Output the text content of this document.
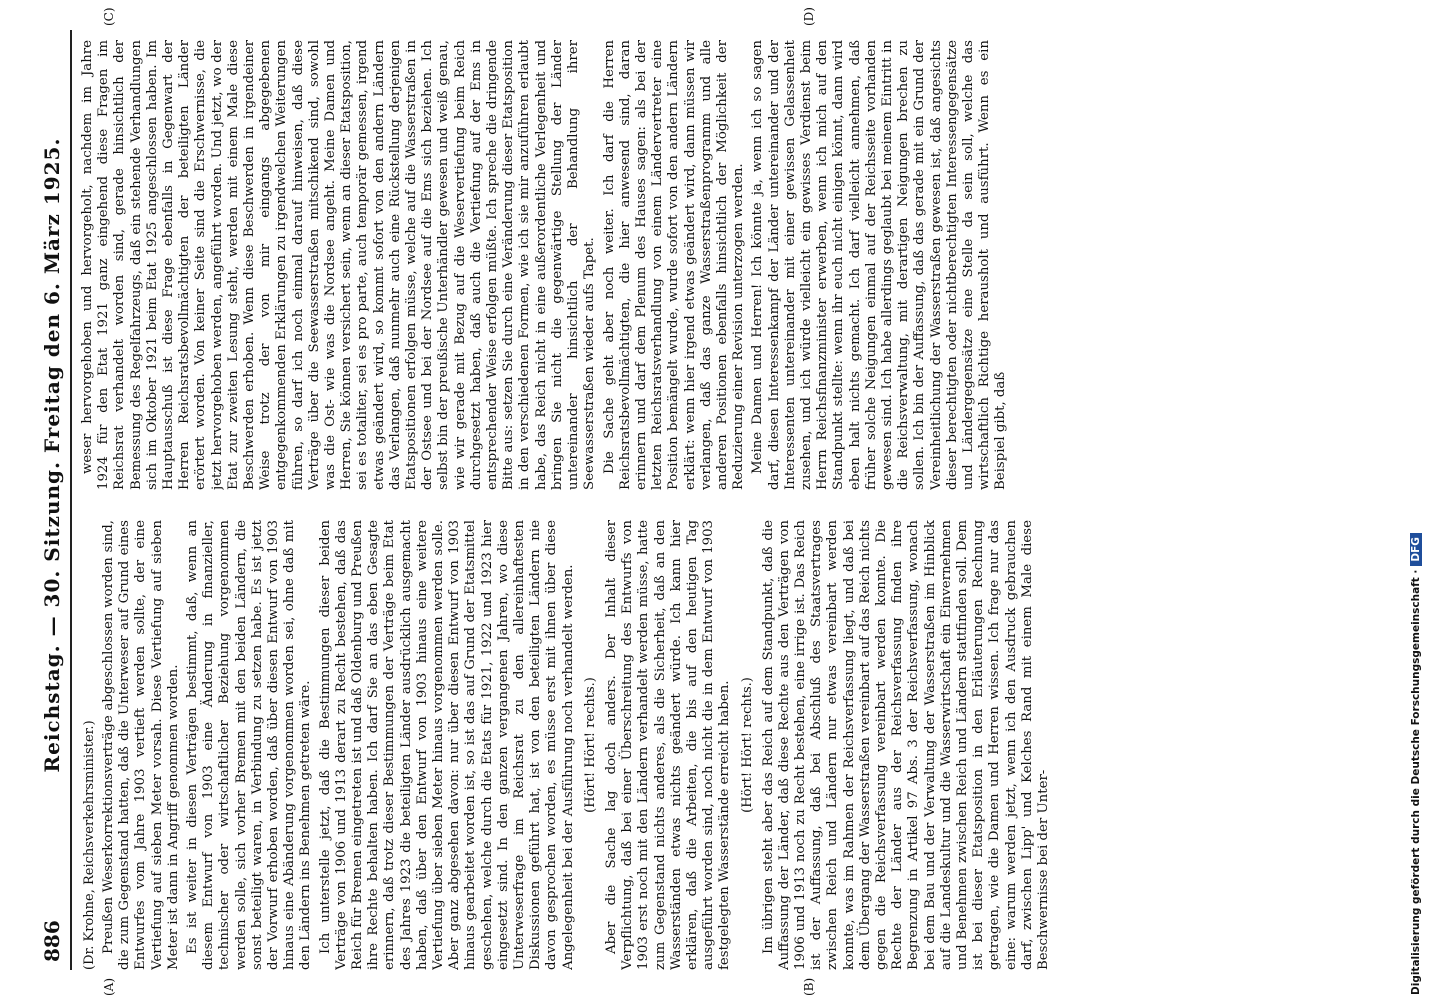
886
Reichstag. — 30. Sitzung. Freitag den 6. März 1925.
(Dr. Krohne, Reichsverkehrsminister.) Preußen Weserkorrektionsverträge abgeschlossen worden sind, die zum Gegenstand hatten, daß die Unterweser auf Grund eines Entwurfes vom Jahre 1903 vertieft werden sollte, der eine Vertiefung auf sieben Meter vorsah. Diese Vertiefung auf sieben Meter ist dann in Angriff genommen worden. Es ist weiter in diesen Verträgen bestimmt, daß, wenn an diesem Entwurf von 1903 eine Änderung in finanzieller, technischer oder wirtschaftlicher Beziehung vorgenommen werden solle, sich vorher Bremen mit den beiden Ländern, die sonst beteiligt waren, in Verbindung zu setzen habe. Es ist jetzt der Vorwurf erhoben worden, daß über diesen Entwurf von 1903 hinaus eine Abänderung vorgenommen worden sei, ohne daß mit den Ländern ins Benehmen getreten wäre. Ich unterstelle jetzt, daß die Bestimmungen dieser beiden Verträge von 1906 und 1913 derart zu Recht bestehen, daß das Reich für Bremen eingetreten ist und daß Oldenburg und Preußen ihre Rechte behalten haben. Ich darf Sie an das eben Gesagte erinnern, daß trotz dieser Bestimmungen der Verträge beim Etat des Jahres 1923 die beteiligten Länder ausdrücklich ausgemacht haben, daß über den Entwurf von 1903 hinaus eine weitere Vertiefung über sieben Meter hinaus vorgenommen werden solle. Aber ganz abgesehen davon: nur über diesen Entwurf von 1903 hinaus gearbeitet worden ist, so ist das auf Grund der Etatsmittel geschehen, welche durch die Etats für 1921, 1922 und 1923 hier eingesetzt sind. In den ganzen vergangenen Jahren, wo diese Unterweserfrage im Reichsrat zu den allereinhaftesten Diskussionen geführt hat, ist von den beteiligten Ländern nie davon gesprochen worden, es müsse erst mit ihnen über diese Angelegenheit bei der Ausführung noch verhandelt werden. (Hört! Hört! rechts.) Aber die Sache lag doch anders. Der Inhalt dieser Verpflichtung, daß bei einer Überschreitung des Entwurfs von 1903 erst noch mit den Ländern verhandelt werden müsse, hatte zum Gegenstand nichts anderes, als die Sicherheit, daß an den Wasserständen etwas nichts geändert würde. Ich kann hier erklären, daß die Arbeiten, die bis auf den heutigen Tag ausgeführt worden sind, noch nicht die in dem Entwurf von 1903 festgelegten Wasserstände erreicht haben. (Hört! Hört! rechts.) Im übrigen steht aber das Reich auf dem Standpunkt, daß die Auffassung der Länder, daß diese Rechte aus den Verträgen von 1906 und 1913 noch zu Recht bestehen, eine irrige ist. Das Reich ist der Auffassung, daß bei Abschluß des Staatsvertrages zwischen Reich und Ländern nur etwas vereinbart werden konnte, was im Rahmen der Reichsverfassung liegt, und daß bei dem Übergang der Wasserstraßen vereinbart auf das Reich nichts gegen die Reichsverfassung vereinbart werden konnte. Die Rechte der Länder aus der Reichsverfassung finden ihre Begrenzung in Artikel 97 Abs. 3 der Reichsverfassung, wonach bei dem Bau und der Verwaltung der Wasserstraßen im Hinblick auf die Landeskultur und die Wasserwirtschaft ein Einvernehmen und Benehmen zwischen Reich und Ländern stattfinden soll. Dem ist bei dieser Etatsposition in den Erläuterungen Rechnung getragen, wie die Damen und Herren wissen. Ich frage nur das eine: warum werden jetzt, wenn ich den Ausdruck gebrauchen darf, zwischen Lipp' und Kelches Rand mit einem Male diese Beschwernisse bei der Unter-

weser hervorgehoben und hervorgeholt, nachdem im Jahre 1924 für den Etat 1921 ganz eingehend diese Fragen im Reichsrat verhandelt worden sind, gerade hinsichtlich der Bemessung des Regelfahrzeugs, daß ein stehende Verhandlungen sich im Oktober 1921 beim Etat 1925 angeschlossen haben. Im Hauptausschuß ist diese Frage ebenfalls in Gegenwart der Herren Reichsratsbevollmächtigten der beteiligten Länder erörtert worden. Von keiner Seite sind die Erschwernisse, die jetzt hervorgehoben werden, angeführt worden. Und jetzt, wo der Etat zur zweiten Lesung steht, werden mit einem Male diese Beschwerden erhoben. Wenn diese Beschwerden in irgendeiner Weise trotz der von mir eingangs abgegebenen entgegenkommenden Erklärungen zu irgendwelchen Weiterungen führen, so darf ich noch einmal darauf hinweisen, daß diese Verträge über die Seewasserstraßen mitschikend sind, sowohl was die Ost- wie was die Nordsee angeht. Meine Damen und Herren, Sie können versichert sein, wenn an dieser Etatsposition, sei es totaliter, sei es pro parte, auch temporär gemessen, irgend etwas geändert wird, so kommt sofort von den andern Ländern das Verlangen, daß nunmehr auch eine Rückstellung derjenigen Etatspositionen erfolgen müsse, welche auf die Wasserstraßen in der Ostsee und bei der Nordsee auf die Ems sich beziehen. Ich selbst bin der preußische Unterhändler gewesen und weiß genau, wie wir gerade mit Bezug auf die Weservertiefung beim Reich durchgesetzt haben, daß auch die Vertiefung auf der Ems in entsprechender Weise erfolgen müßte. Ich spreche die dringende Bitte aus: setzen Sie durch eine Veränderung dieser Etatsposition in den verschiedenen Formen, wie ich sie mir anzuführen erlaubt habe, das Reich nicht in eine außerordentliche Verlegenheit und bringen Sie nicht die gegenwärtige Stellung der Länder untereinander hinsichtlich der Behandlung ihrer Seewasserstraßen wieder aufs Tapet. Die Sache geht aber noch weiter. Ich darf die Herren Reichsratsbevollmächtigten, die hier anwesend sind, daran erinnern und darf dem Plenum des Hauses sagen: als bei der letzten Reichsratsverhandlung von einem Ländervertreter eine Position bemängelt wurde, wurde sofort von den andern Ländern erklärt: wenn hier irgend etwas geändert wird, dann müssen wir verlangen, daß das ganze Wasserstraßenprogramm und alle anderen Positionen ebenfalls hinsichtlich der Möglichkeit der Reduzierung einer Revision unterzogen werden. Meine Damen und Herren! Ich könnte ja, wenn ich so sagen darf, diesen Interessenkampf der Länder untereinander und der Interessenten untereinander mit einer gewissen Gelassenheit zusehen, und ich würde vielleicht ein gewisses Verdienst beim Herrn Reichsfinanzminister erwerben, wenn ich mich auf den Standpunkt stellte: wenn ihr euch nicht einigen könnt, dann wird eben halt nichts gemacht. Ich darf vielleicht annehmen, daß früher solche Neigungen einmal auf der Reichsseite vorhanden gewesen sind. Ich habe allerdings geglaubt bei meinem Eintritt in die Reichsverwaltung, mit derartigen Neigungen brechen zu sollen. Ich bin der Auffassung, daß das gerade mit ein Grund der Vereinheitlichung der Wasserstraßen gewesen ist, daß angesichts dieser berechtigten oder nichtberechtigten Interessengegensätze und Ländergegensätze eine Stelle da sein soll, welche das wirtschaftlich Richtige herausholt und ausführt. Wenn es ein Beispiel gibt, daß

(A)	(B)
(C)	(D)
Digitalisierung gefördert durch die Deutsche Forschungsgemeinschaft ·DFG
